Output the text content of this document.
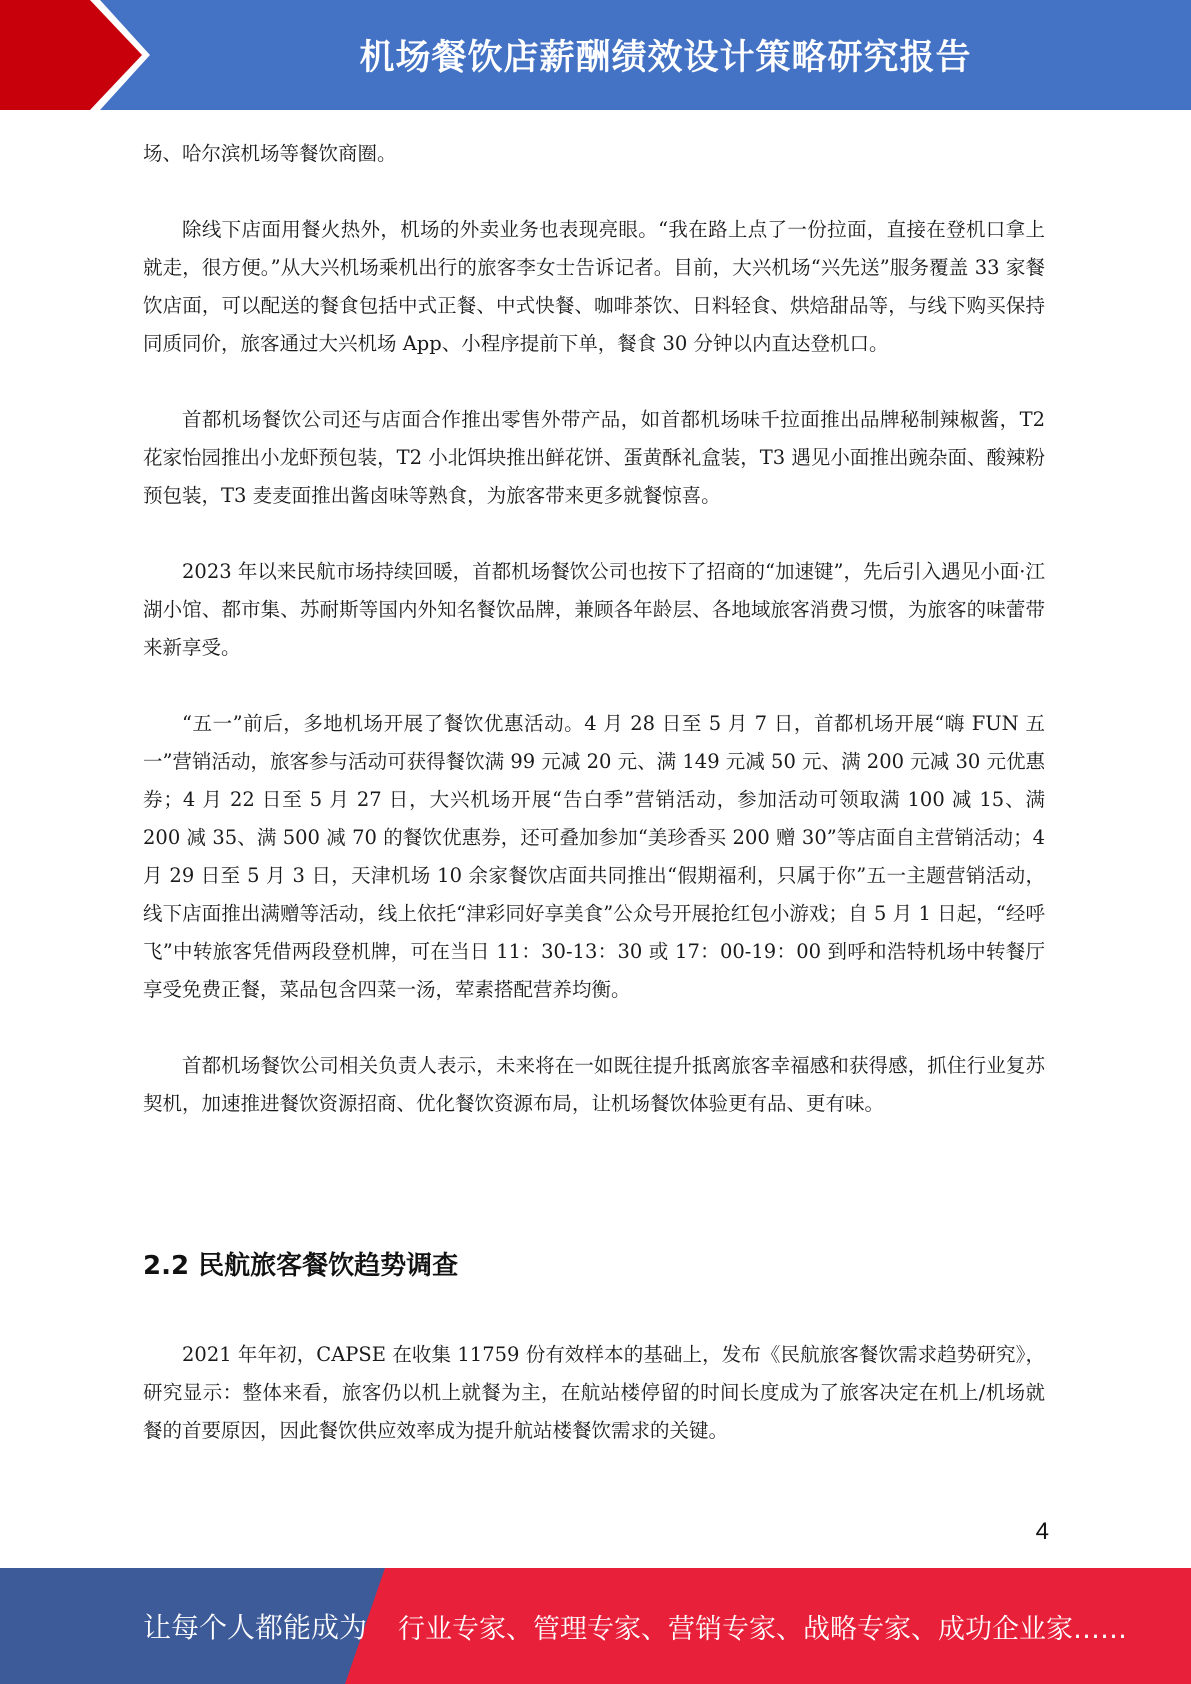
机场餐饮店薪酬绩效设计策略研究报告

场、哈尔滨机场等餐饮商圈。

除线下店面用餐火热外，机场的外卖业务也表现亮眼。“我在路上点了一份拉面，直接在登机口拿上就走，很方便。”从大兴机场乘机出行的旅客李女士告诉记者。目前，大兴机场“兴先送”服务覆盖 33 家餐饮店面，可以配送的餐食包括中式正餐、中式快餐、咖啡茶饮、日料轻食、烘焙甜品等，与线下购买保持同质同价，旅客通过大兴机场 App、小程序提前下单，餐食 30 分钟以内直达登机口。

首都机场餐饮公司还与店面合作推出零售外带产品，如首都机场味千拉面推出品牌秘制辣椒酱，T2 花家怡园推出小龙虾预包装，T2 小北饵块推出鲜花饼、蛋黄酥礼盒装，T3 遇见小面推出豌杂面、酸辣粉预包装，T3 麦麦面推出酱卤味等熟食，为旅客带来更多就餐惊喜。

2023 年以来民航市场持续回暖，首都机场餐饮公司也按下了招商的“加速键”，先后引入遇见小面·江湖小馆、都市集、苏耐斯等国内外知名餐饮品牌，兼顾各年龄层、各地域旅客消费习惯，为旅客的味蕾带来新享受。

“五一”前后，多地机场开展了餐饮优惠活动。4 月 28 日至 5 月 7 日，首都机场开展“嗨 FUN 五一”营销活动，旅客参与活动可获得餐饮满 99 元减 20 元、满 149 元减 50 元、满 200 元减 30 元优惠券；4 月 22 日至 5 月 27 日，大兴机场开展“告白季”营销活动，参加活动可领取满 100 减 15、满 200 减 35、满 500 减 70 的餐饮优惠券，还可叠加参加“美珍香买 200 赠 30”等店面自主营销活动；4 月 29 日至 5 月 3 日，天津机场 10 余家餐饮店面共同推出“假期福利，只属于你”五一主题营销活动，线下店面推出满赠等活动，线上依托“津彩同好享美食”公众号开展抢红包小游戏；自 5 月 1 日起，“经呼飞”中转旅客凭借两段登机牌，可在当日 11：30-13：30 或 17：00-19：00 到呼和浩特机场中转餐厅享受免费正餐，菜品包含四菜一汤，荤素搭配营养均衡。

首都机场餐饮公司相关负责人表示，未来将在一如既往提升抵离旅客幸福感和获得感，抓住行业复苏契机，加速推进餐饮资源招商、优化餐饮资源布局，让机场餐饮体验更有品、更有味。

2.2 民航旅客餐饮趋势调查

2021 年年初，CAPSE 在收集 11759 份有效样本的基础上，发布《民航旅客餐饮需求趋势研究》，研究显示：整体来看，旅客仍以机上就餐为主，在航站楼停留的时间长度成为了旅客决定在机上/机场就餐的首要原因，因此餐饮供应效率成为提升航站楼餐饮需求的关键。

4
让每个人都能成为 行业专家、管理专家、营销专家、战略专家、成功企业家……
